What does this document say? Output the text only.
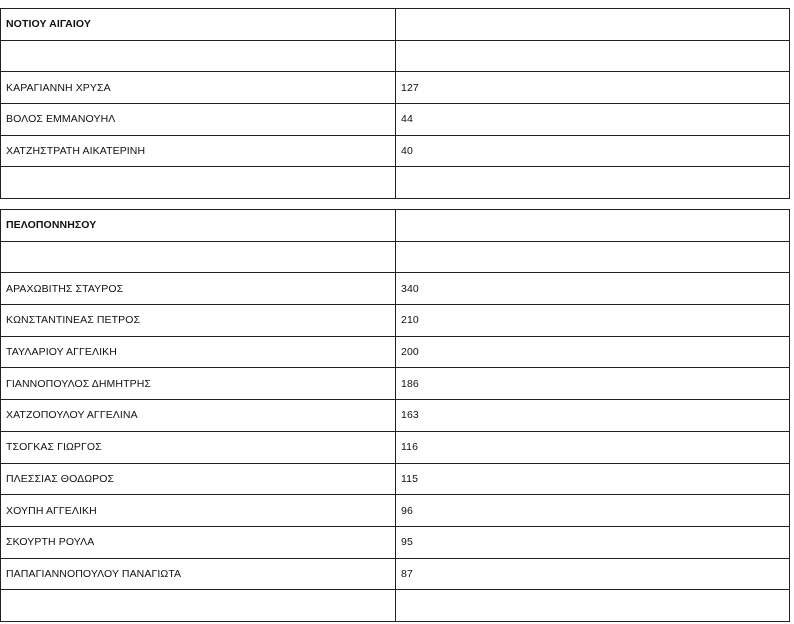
ΝΟΤΙΟΥ ΑΙΓΑΙΟΥ	

ΚΑΡΑΓΙΑΝΝΗ ΧΡΥΣΑ	127
ΒΟΛΟΣ ΕΜΜΑΝΟΥΗΛ	44
ΧΑΤΖΗΣΤΡΑΤΗ ΑΙΚΑΤΕΡΙΝΗ	40

ΠΕΛΟΠΟΝΝΗΣΟΥ	

ΑΡΑΧΩΒΙΤΗΣ ΣΤΑΥΡΟΣ	340
ΚΩΝΣΤΑΝΤΙΝΕΑΣ ΠΕΤΡΟΣ	210
ΤΑΥΛΑΡΙΟΥ ΑΓΓΕΛΙΚΗ	200
ΓΙΑΝΝΟΠΟΥΛΟΣ ΔΗΜΗΤΡΗΣ	186
ΧΑΤΖΟΠΟΥΛΟΥ ΑΓΓΕΛΙΝΑ	163
ΤΣΟΓΚΑΣ ΓΙΩΡΓΟΣ	116
ΠΛΕΣΣΙΑΣ ΘΟΔΩΡΟΣ	115
ΧΟΥΠΗ ΑΓΓΕΛΙΚΗ	96
ΣΚΟΥΡΤΗ ΡΟΥΛΑ	95
ΠΑΠΑΓΙΑΝΝΟΠΟΥΛΟΥ ΠΑΝΑΓΙΩΤΑ	87
